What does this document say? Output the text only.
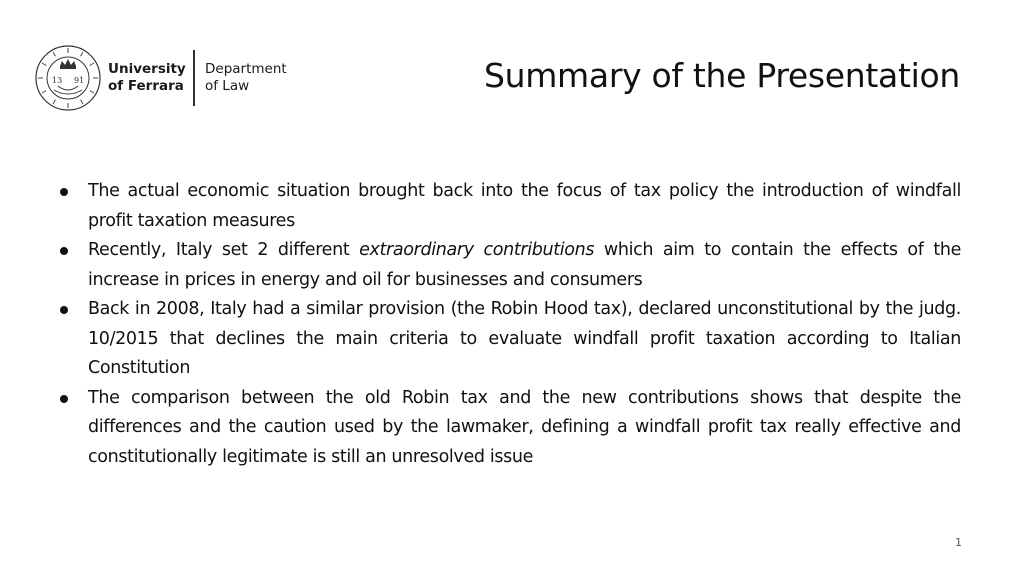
13 91
University
of Ferrara
Department
of Law	Summary of the Presentation
The actual economic situation brought back into the focus of tax policy the introduction of windfall profit taxation measures
Recently, Italy set 2 different extraordinary contributions which aim to contain the effects of the increase in prices in energy and oil for businesses and consumers
Back in 2008, Italy had a similar provision (the Robin Hood tax), declared unconstitutional by the judg. 10/2015 that declines the main criteria to evaluate windfall profit taxation according to Italian Constitution
The comparison between the old Robin tax and the new contributions shows that despite the differences and the caution used by the lawmaker, defining a windfall profit tax really effective and constitutionally legitimate is still an unresolved issue
1
